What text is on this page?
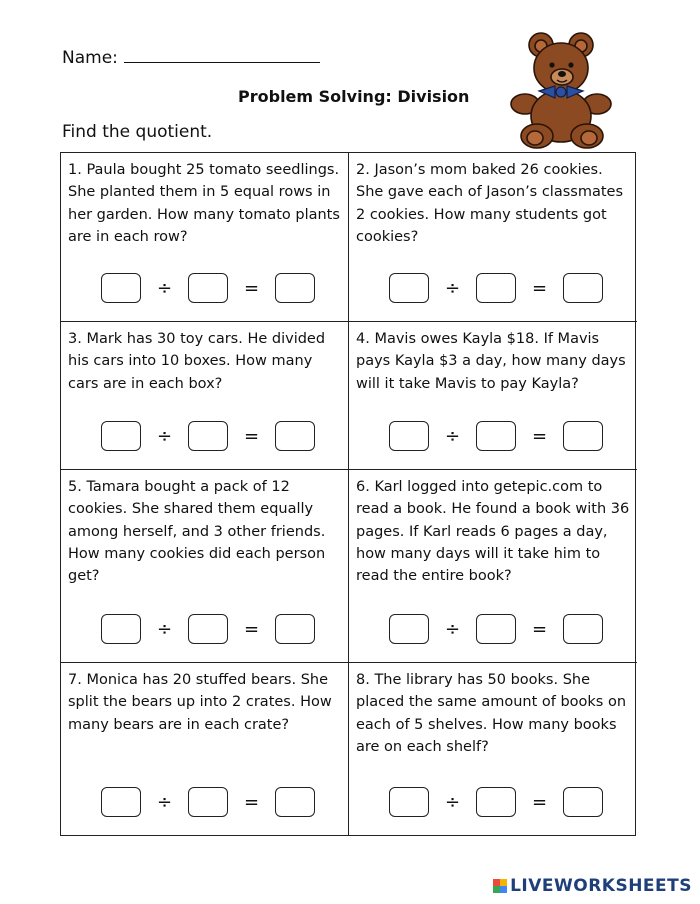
Name:
Problem Solving: Division
Find the quotient.

1. Paula bought 25 tomato seedlings. She planted them in 5 equal rows in her garden. How many tomato plants are in each row?

÷	=

2. Jason’s mom baked 26 cookies. She gave each of Jason’s classmates 2 cookies. How many students got cookies?

÷	=

3. Mark has 30 toy cars. He divided his cars into 10 boxes. How many cars are in each box?

÷	=

4. Mavis owes Kayla $18. If Mavis pays Kayla $3 a day, how many days will it take Mavis to pay Kayla?

÷	=

5. Tamara bought a pack of 12 cookies. She shared them equally among herself, and 3 other friends. How many cookies did each person get?

÷	=

6. Karl logged into getepic.com to read a book. He found a book with 36 pages. If Karl reads 6 pages a day, how many days will it take him to read the entire book?

÷	=

7. Monica has 20 stuffed bears. She split the bears up into 2 crates. How many bears are in each crate?

÷	=

8. The library has 50 books. She placed the same amount of books on each of 5 shelves. How many books are on each shelf?

÷	=
LIVEWORKSHEETS
